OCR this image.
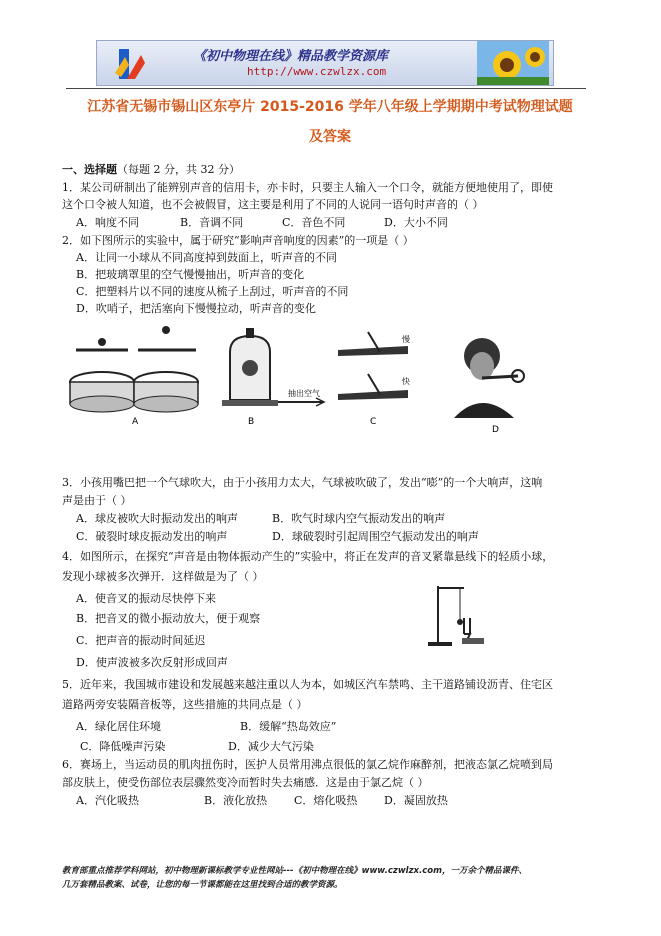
《初中物理在线》精品教学资源库
http://www.czwlzx.com
江苏省无锡市锡山区东亭片 2015-2016 学年八年级上学期期中考试物理试题
及答案
一、选择题（每题 2 分，共 32 分）
1．某公司研制出了能辨别声音的信用卡，亦卡时，只要主人输入一个口令，就能方便地使用了，即使
这个口令被人知道，也不会被假冒，这主要是利用了不同的人说同一语句时声音的（ ）
A．响度不同	B．音调不同	C．音色不同	D．大小不同
2．如下图所示的实验中，属于研究“影响声音响度的因素”的一项是（ ）
A．让同一小球从不同高度掉到鼓面上，听声音的不同
B．把玻璃罩里的空气慢慢抽出，听声音的变化
C．把塑料片以不同的速度从梳子上刮过，听声音的不同
D．吹哨子，把活塞向下慢慢拉动，听声音的变化
A
抽出空气
B
慢
快
C
D
3．小孩用嘴巴把一个气球吹大，由于小孩用力太大，气球被吹破了，发出“嘭”的一个大响声，这响
声是由于（ ）
A．球皮被吹大时振动发出的响声	B．吹气时球内空气振动发出的响声
C．破裂时球皮振动发出的响声	D．球破裂时引起周围空气振动发出的响声
4．如图所示，在探究“声音是由物体振动产生的”实验中，将正在发声的音叉紧靠悬线下的轻质小球，
发现小球被多次弹开．这样做是为了（ ）
A．使音叉的振动尽快停下来
B．把音叉的微小振动放大，便于观察
C．把声音的振动时间延迟
D．使声波被多次反射形成回声
5．近年来，我国城市建设和发展越来越注重以人为本，如城区汽车禁鸣、主干道路铺设沥青、住宅区
道路两旁安装隔音板等，这些措施的共同点是（ ）
A．绿化居住环境	B．缓解“热岛效应”
C．降低噪声污染	D．减少大气污染
6．赛场上，当运动员的肌肉扭伤时，医护人员常用沸点很低的氯乙烷作麻醉剂，把液态氯乙烷喷到局
部皮肤上，使受伤部位表层骤然变冷而暂时失去痛感．这是由于氯乙烷（ ）
A．汽化吸热	B．液化放热 C．熔化吸热 D．凝固放热
教育部重点推荐学科网站，初中物理新课标教学专业性网站---《初中物理在线》www.czwlzx.com，一万余个精品课件、
几万套精品教案、试卷，让您的每一节课都能在这里找到合适的教学资源。
